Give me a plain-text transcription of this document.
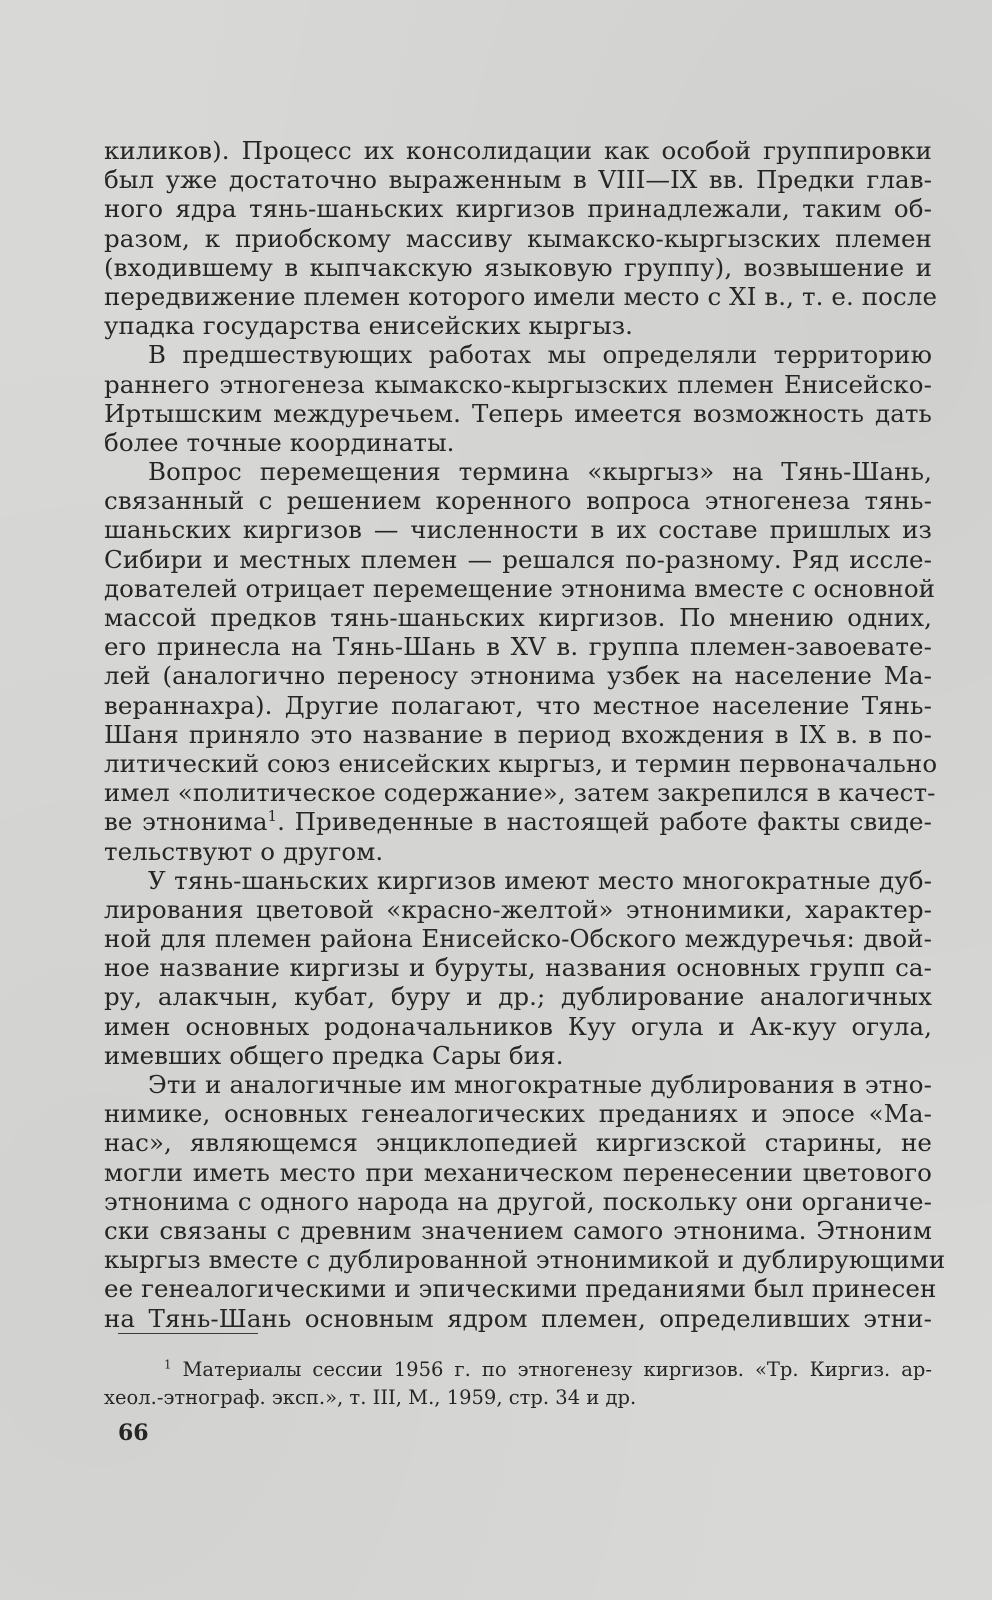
киликов). Процесс их консолидации как особой группировки
был уже достаточно выраженным в VIII—IX вв. Предки глав-
ного ядра тянь-шаньских киргизов принадлежали, таким об-
разом, к приобскому массиву кымакско-кыргызских племен
(входившему в кыпчакскую языковую группу), возвышение и
передвижение племен которого имели место с XI в., т. е. после
упадка государства енисейских кыргыз.
В предшествующих работах мы определяли территорию
раннего этногенеза кымакско-кыргызских племен Енисейско-
Иртышским междуречьем. Теперь имеется возможность дать
более точные координаты.
Вопрос перемещения термина «кыргыз» на Тянь-Шань,
связанный с решением коренного вопроса этногенеза тянь-
шаньских киргизов — численности в их составе пришлых из
Сибири и местных племен — решался по-разному. Ряд иссле-
дователей отрицает перемещение этнонима вместе с основной
массой предков тянь-шаньских киргизов. По мнению одних,
его принесла на Тянь-Шань в XV в. группа племен-завоевате-
лей (аналогично переносу этнонима узбек на население Ма-
вераннахра). Другие полагают, что местное население Тянь-
Шаня приняло это название в период вхождения в IX в. в по-
литический союз енисейских кыргыз, и термин первоначально
имел «политическое содержание», затем закрепился в качест-
ве этнонима$^1$. Приведенные в настоящей работе факты свиде-
тельствуют о другом.
У тянь-шаньских киргизов имеют место многократные дуб-
лирования цветовой «красно-желтой» этнонимики, характер-
ной для племен района Енисейско-Обского междуречья: двой-
ное название киргизы и буруты, названия основных групп са-
ру, алакчын, кубат, буру и др.; дублирование аналогичных
имен основных родоначальников Куу огула и Ак-куу огула,
имевших общего предка Сары бия.
Эти и аналогичные им многократные дублирования в этно-
нимике, основных генеалогических преданиях и эпосе «Ма-
нас», являющемся энциклопедией киргизской старины, не
могли иметь место при механическом перенесении цветового
этнонима с одного народа на другой, поскольку они органиче-
ски связаны с древним значением самого этнонима. Этноним
кыргыз вместе с дублированной этнонимикой и дублирующими
ее генеалогическими и эпическими преданиями был принесен
на Тянь-Шань основным ядром племен, определивших этни-
$^1$ Материалы сессии 1956 г. по этногенезу киргизов. «Тр. Киргиз. ар-
хеол.-этнограф. эксп.», т. III, М., 1959, стр. 34 и др.
66
